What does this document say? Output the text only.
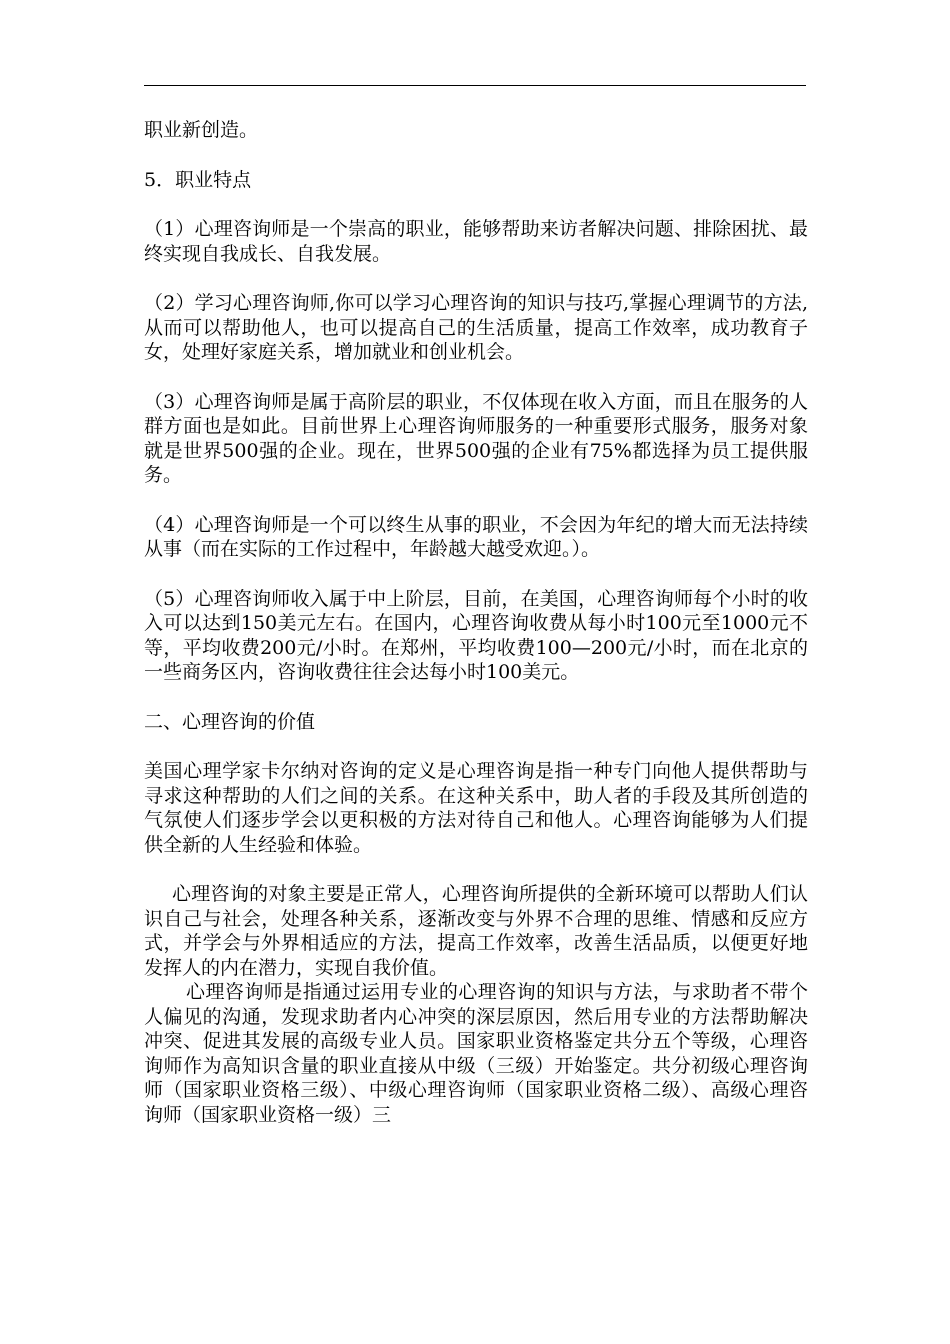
职业新创造。

5．职业特点

（1）心理咨询师是一个崇高的职业，能够帮助来访者解决问题、排除困扰、最终实现自我成长、自我发展。

（2）学习心理咨询师,你可以学习心理咨询的知识与技巧,掌握心理调节的方法,从而可以帮助他人，也可以提高自己的生活质量，提高工作效率，成功教育子女，处理好家庭关系，增加就业和创业机会。

（3）心理咨询师是属于高阶层的职业，不仅体现在收入方面，而且在服务的人群方面也是如此。目前世界上心理咨询师服务的一种重要形式服务，服务对象就是世界500强的企业。现在，世界500强的企业有75%都选择为员工提供服务。

（4）心理咨询师是一个可以终生从事的职业，不会因为年纪的增大而无法持续从事（而在实际的工作过程中，年龄越大越受欢迎。）。

（5）心理咨询师收入属于中上阶层，目前，在美国，心理咨询师每个小时的收入可以达到150美元左右。在国内，心理咨询收费从每小时100元至1000元不等，平均收费200元/小时。在郑州，平均收费100—200元/小时，而在北京的一些商务区内，咨询收费往往会达每小时100美元。

二、心理咨询的价值

美国心理学家卡尔纳对咨询的定义是心理咨询是指一种专门向他人提供帮助与寻求这种帮助的人们之间的关系。在这种关系中，助人者的手段及其所创造的气氛使人们逐步学会以更积极的方法对待自己和他人。心理咨询能够为人们提供全新的人生经验和体验。

心理咨询的对象主要是正常人，心理咨询所提供的全新环境可以帮助人们认识自己与社会，处理各种关系，逐渐改变与外界不合理的思维、情感和反应方式，并学会与外界相适应的方法，提高工作效率，改善生活品质，以便更好地发挥人的内在潜力，实现自我价值。

心理咨询师是指通过运用专业的心理咨询的知识与方法，与求助者不带个人偏见的沟通，发现求助者内心冲突的深层原因，然后用专业的方法帮助解决冲突、促进其发展的高级专业人员。国家职业资格鉴定共分五个等级，心理咨询师作为高知识含量的职业直接从中级（三级）开始鉴定。共分初级心理咨询师（国家职业资格三级）、中级心理咨询师（国家职业资格二级）、高级心理咨询师（国家职业资格一级）三
